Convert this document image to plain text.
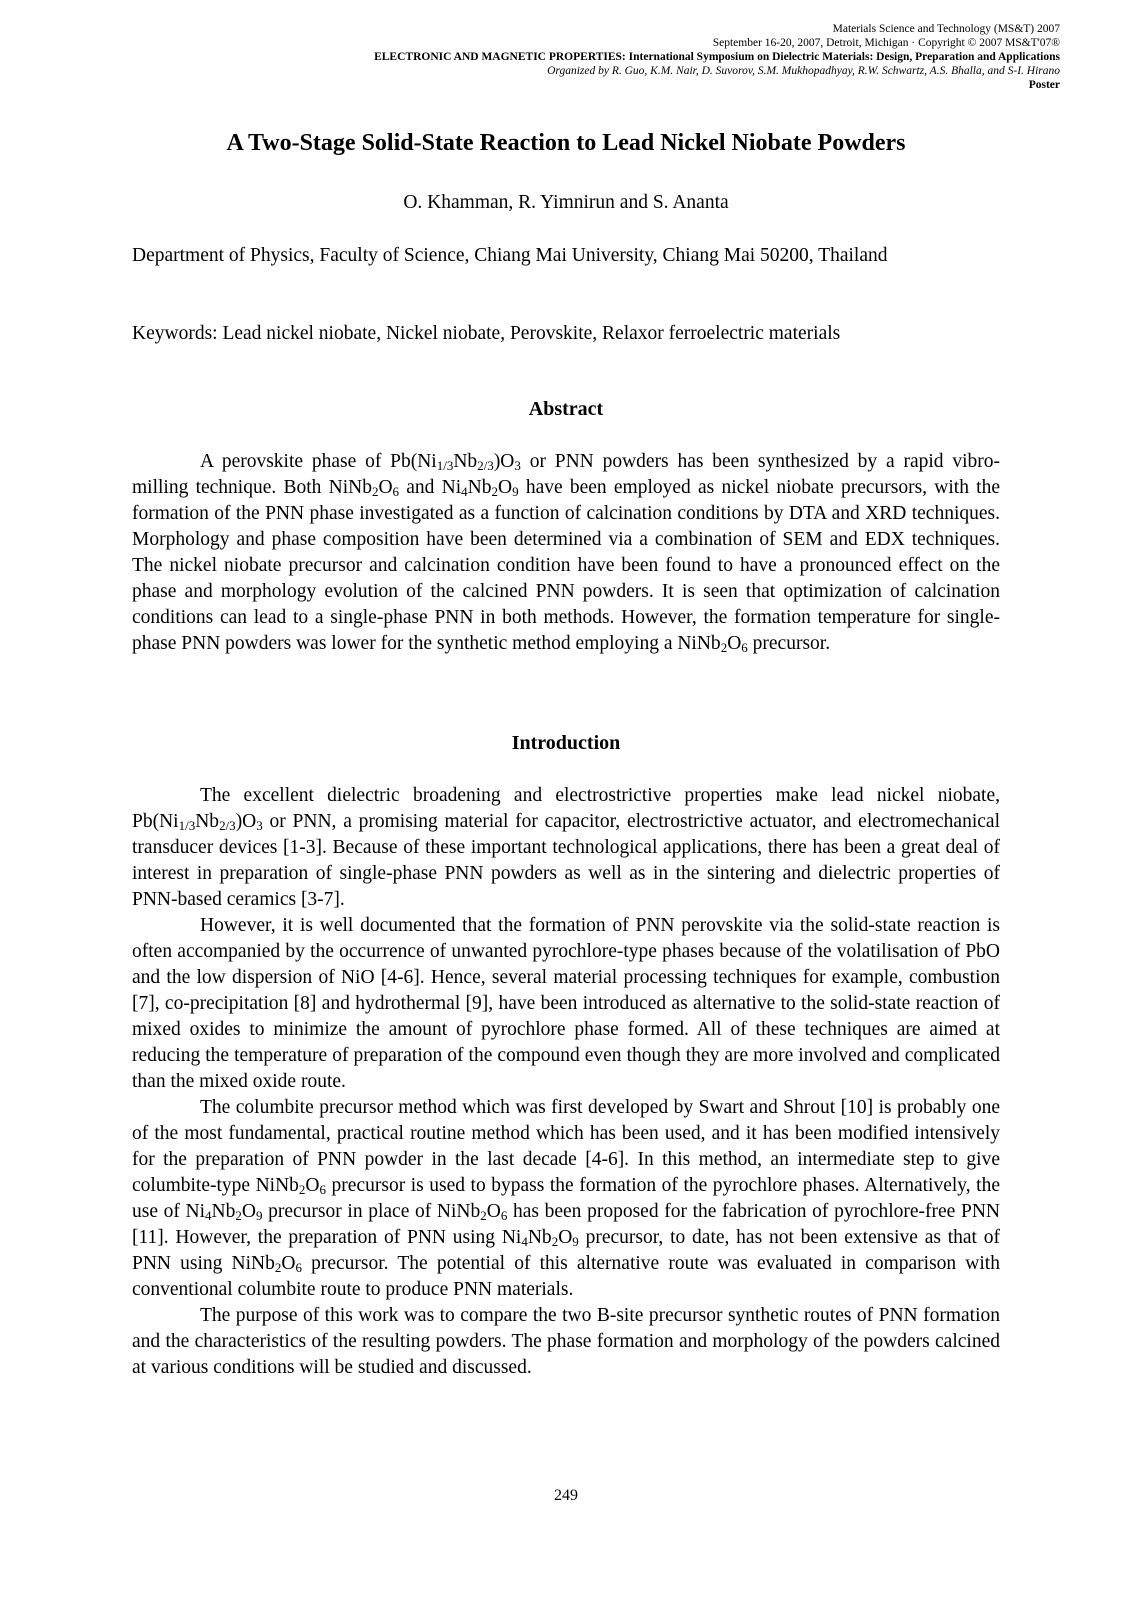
Materials Science and Technology (MS&T) 2007
September 16-20, 2007, Detroit, Michigan · Copyright © 2007 MS&T'07®
ELECTRONIC AND MAGNETIC PROPERTIES: International Symposium on Dielectric Materials: Design, Preparation and Applications
Organized by R. Guo, K.M. Nair, D. Suvorov, S.M. Mukhopadhyay, R.W. Schwartz, A.S. Bhalla, and S-I. Hirano
Poster
A Two-Stage Solid-State Reaction to Lead Nickel Niobate Powders
O. Khamman, R. Yimnirun and S. Ananta
Department of Physics, Faculty of Science, Chiang Mai University, Chiang Mai 50200, Thailand
Keywords: Lead nickel niobate, Nickel niobate, Perovskite, Relaxor ferroelectric materials
Abstract

A perovskite phase of $Pb(Ni_{1/3}Nb_{2/3})O_3$ or PNN powders has been synthesized by a rapid vibro-milling technique. Both $NiNb_2O_6$ and $Ni_4Nb_2O_9$ have been employed as nickel niobate precursors, with the formation of the PNN phase investigated as a function of calcination conditions by DTA and XRD techniques. Morphology and phase composition have been determined via a combination of SEM and EDX techniques. The nickel niobate precursor and calcination condition have been found to have a pronounced effect on the phase and morphology evolution of the calcined PNN powders. It is seen that optimization of calcination conditions can lead to a single-phase PNN in both methods. However, the formation temperature for single-phase PNN powders was lower for the synthetic method employing a $NiNb_2O_6$ precursor.

Introduction

The excellent dielectric broadening and electrostrictive properties make lead nickel niobate, $Pb(Ni_{1/3}Nb_{2/3})O_3$ or PNN, a promising material for capacitor, electrostrictive actuator, and electromechanical transducer devices [1-3]. Because of these important technological applications, there has been a great deal of interest in preparation of single-phase PNN powders as well as in the sintering and dielectric properties of PNN-based ceramics [3-7].

However, it is well documented that the formation of PNN perovskite via the solid-state reaction is often accompanied by the occurrence of unwanted pyrochlore-type phases because of the volatilisation of PbO and the low dispersion of NiO [4-6]. Hence, several material processing techniques for example, combustion [7], co-precipitation [8] and hydrothermal [9], have been introduced as alternative to the solid-state reaction of mixed oxides to minimize the amount of pyrochlore phase formed. All of these techniques are aimed at reducing the temperature of preparation of the compound even though they are more involved and complicated than the mixed oxide route.

The columbite precursor method which was first developed by Swart and Shrout [10] is probably one of the most fundamental, practical routine method which has been used, and it has been modified intensively for the preparation of PNN powder in the last decade [4-6]. In this method, an intermediate step to give columbite-type $NiNb_2O_6$ precursor is used to bypass the formation of the pyrochlore phases. Alternatively, the use of $Ni_4Nb_2O_9$ precursor in place of $NiNb_2O_6$ has been proposed for the fabrication of pyrochlore-free PNN [11]. However, the preparation of PNN using $Ni_4Nb_2O_9$ precursor, to date, has not been extensive as that of PNN using $NiNb_2O_6$ precursor. The potential of this alternative route was evaluated in comparison with conventional columbite route to produce PNN materials.

The purpose of this work was to compare the two B-site precursor synthetic routes of PNN formation and the characteristics of the resulting powders. The phase formation and morphology of the powders calcined at various conditions will be studied and discussed.

249
